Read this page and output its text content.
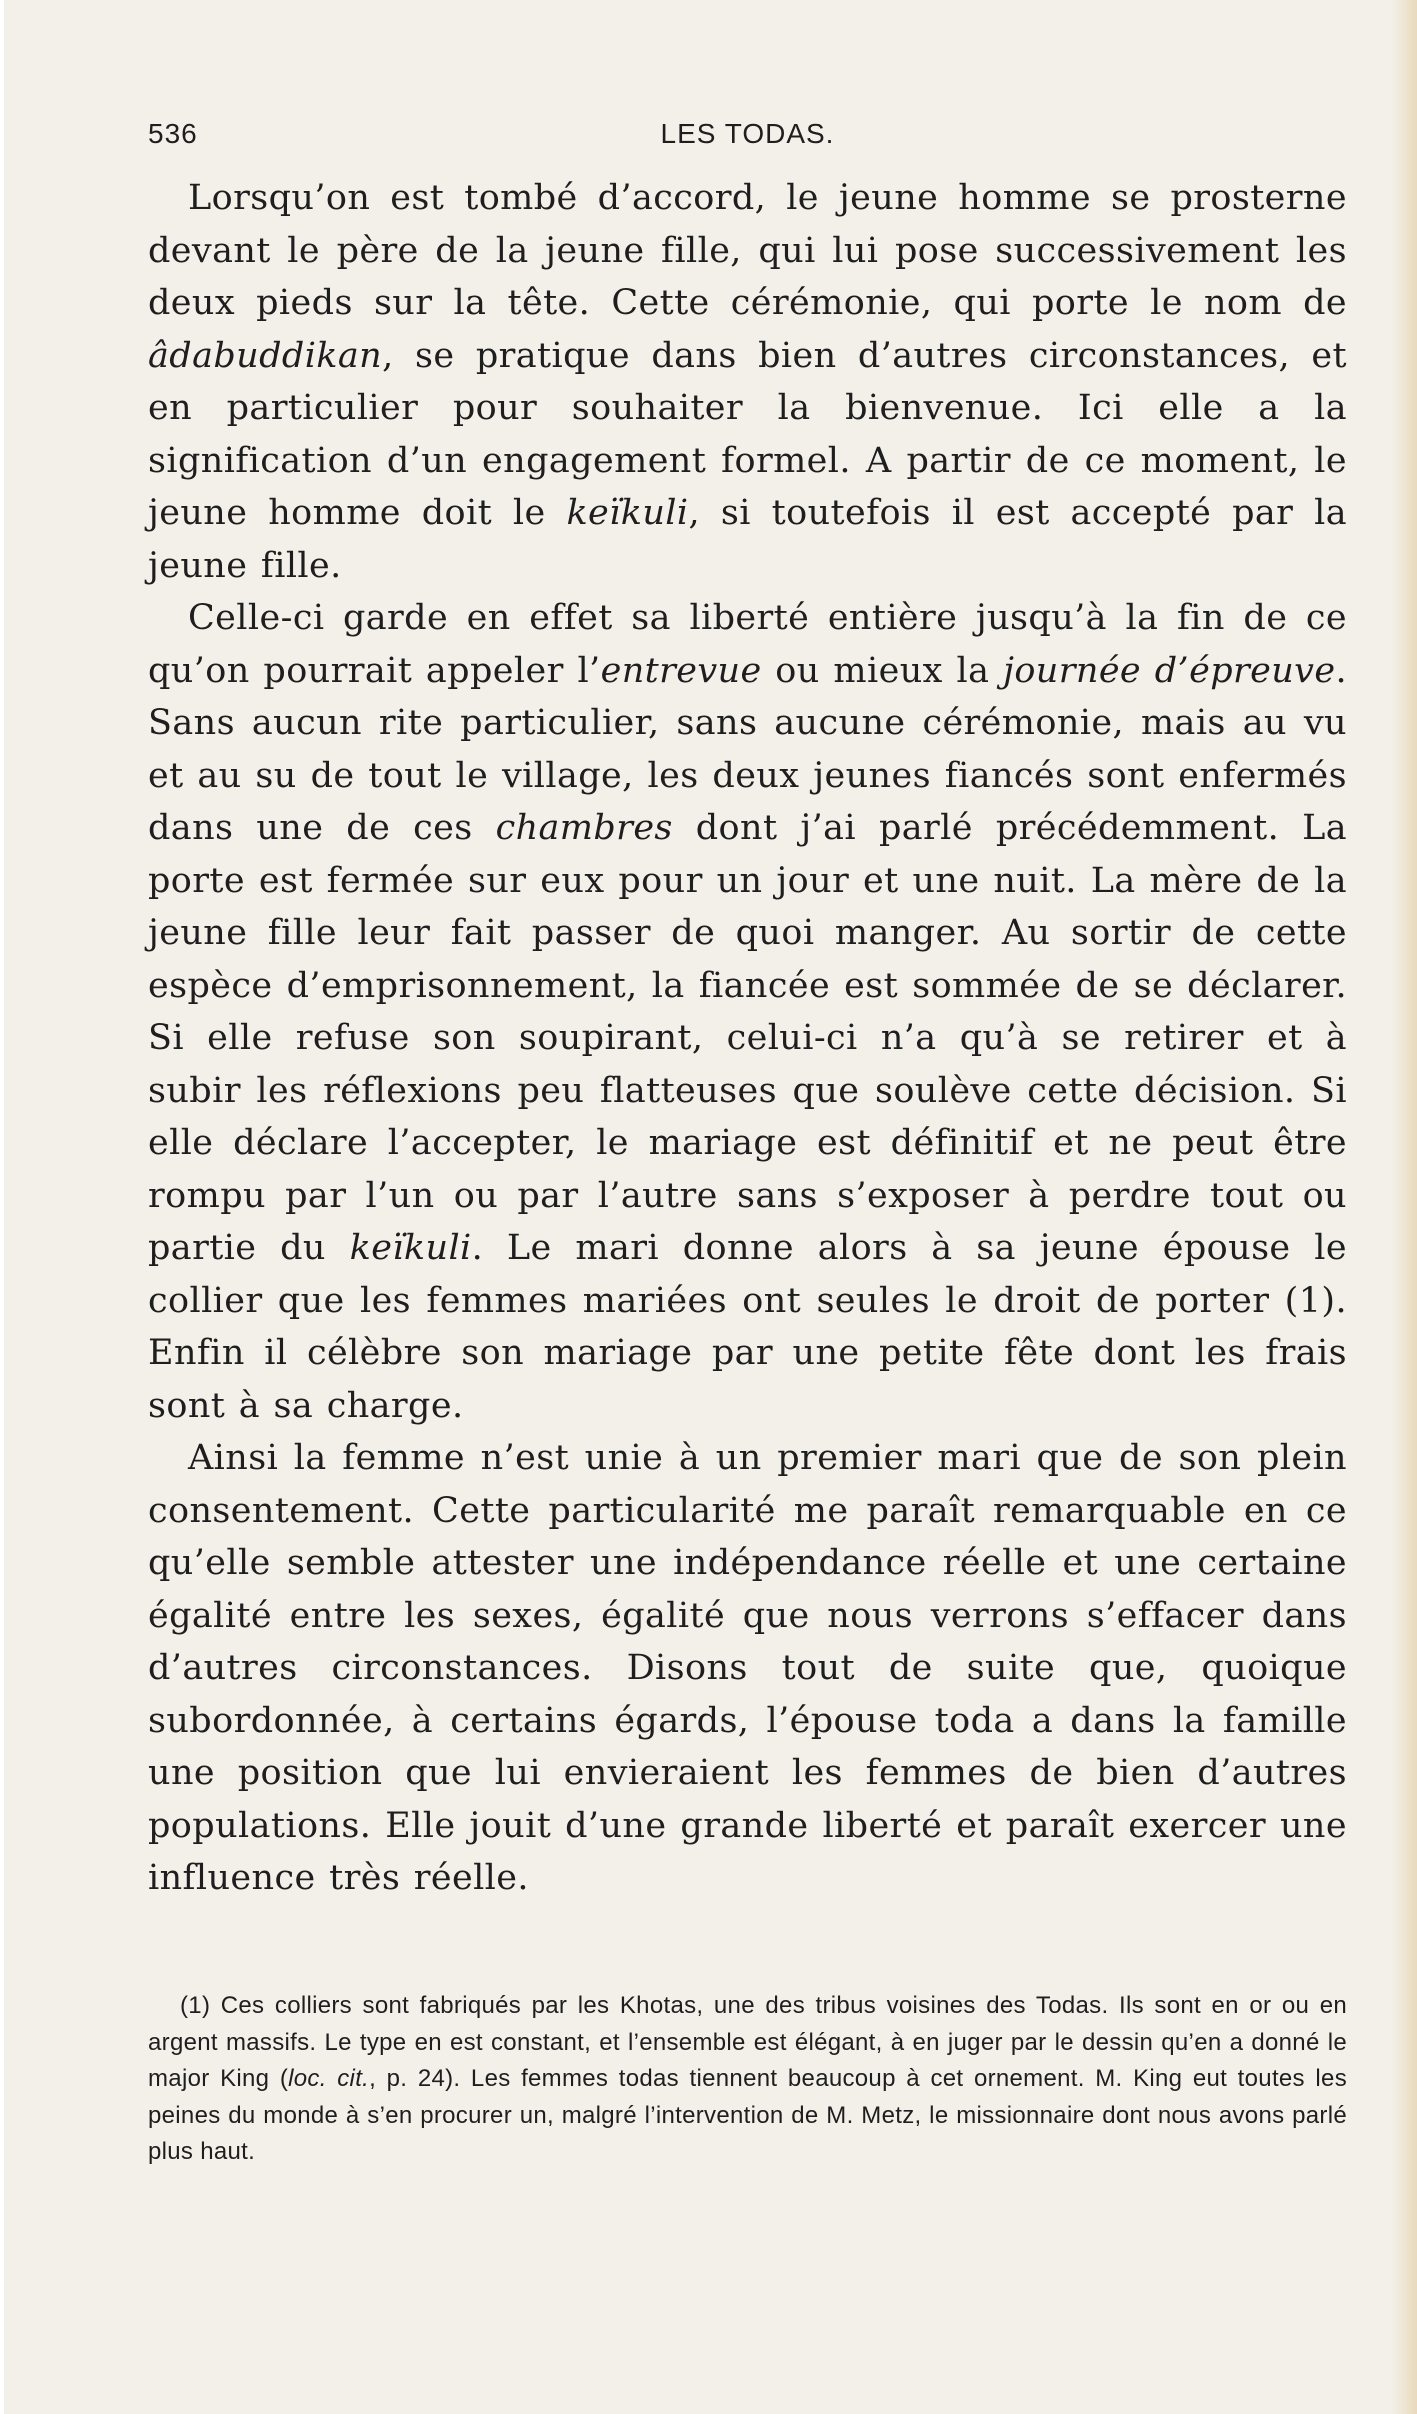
536	LES TODAS.

Lorsqu’on est tombé d’accord, le jeune homme se prosterne devant le père de la jeune fille, qui lui pose successivement les deux pieds sur la tête. Cette cérémonie, qui porte le nom de âdabuddikan, se pratique dans bien d’autres circonstances, et en particulier pour souhaiter la bienvenue. Ici elle a la signification d’un engagement formel. A partir de ce moment, le jeune homme doit le keïkuli, si toutefois il est accepté par la jeune fille.

Celle-ci garde en effet sa liberté entière jusqu’à la fin de ce qu’on pourrait appeler l’entrevue ou mieux la journée d’épreuve. Sans aucun rite particulier, sans aucune cérémonie, mais au vu et au su de tout le village, les deux jeunes fiancés sont enfermés dans une de ces chambres dont j’ai parlé précédemment. La porte est fermée sur eux pour un jour et une nuit. La mère de la jeune fille leur fait passer de quoi manger. Au sortir de cette espèce d’emprisonnement, la fiancée est sommée de se déclarer. Si elle refuse son soupirant, celui-ci n’a qu’à se retirer et à subir les réflexions peu flatteuses que soulève cette décision. Si elle déclare l’accepter, le mariage est définitif et ne peut être rompu par l’un ou par l’autre sans s’exposer à perdre tout ou partie du keïkuli. Le mari donne alors à sa jeune épouse le collier que les femmes mariées ont seules le droit de porter (1). Enfin il célèbre son mariage par une petite fête dont les frais sont à sa charge.

Ainsi la femme n’est unie à un premier mari que de son plein consentement. Cette particularité me paraît remarquable en ce qu’elle semble attester une indépendance réelle et une certaine égalité entre les sexes, égalité que nous verrons s’effacer dans d’autres circonstances. Disons tout de suite que, quoique subordonnée, à certains égards, l’épouse toda a dans la famille une position que lui envieraient les femmes de bien d’autres populations. Elle jouit d’une grande liberté et paraît exercer une influence très réelle.

(1) Ces colliers sont fabriqués par les Khotas, une des tribus voisines des Todas. Ils sont en or ou en argent massifs. Le type en est constant, et l’ensemble est élégant, à en juger par le dessin qu’en a donné le major King (loc. cit., p. 24). Les femmes todas tiennent beaucoup à cet ornement. M. King eut toutes les peines du monde à s’en procurer un, malgré l’intervention de M. Metz, le missionnaire dont nous avons parlé plus haut.
